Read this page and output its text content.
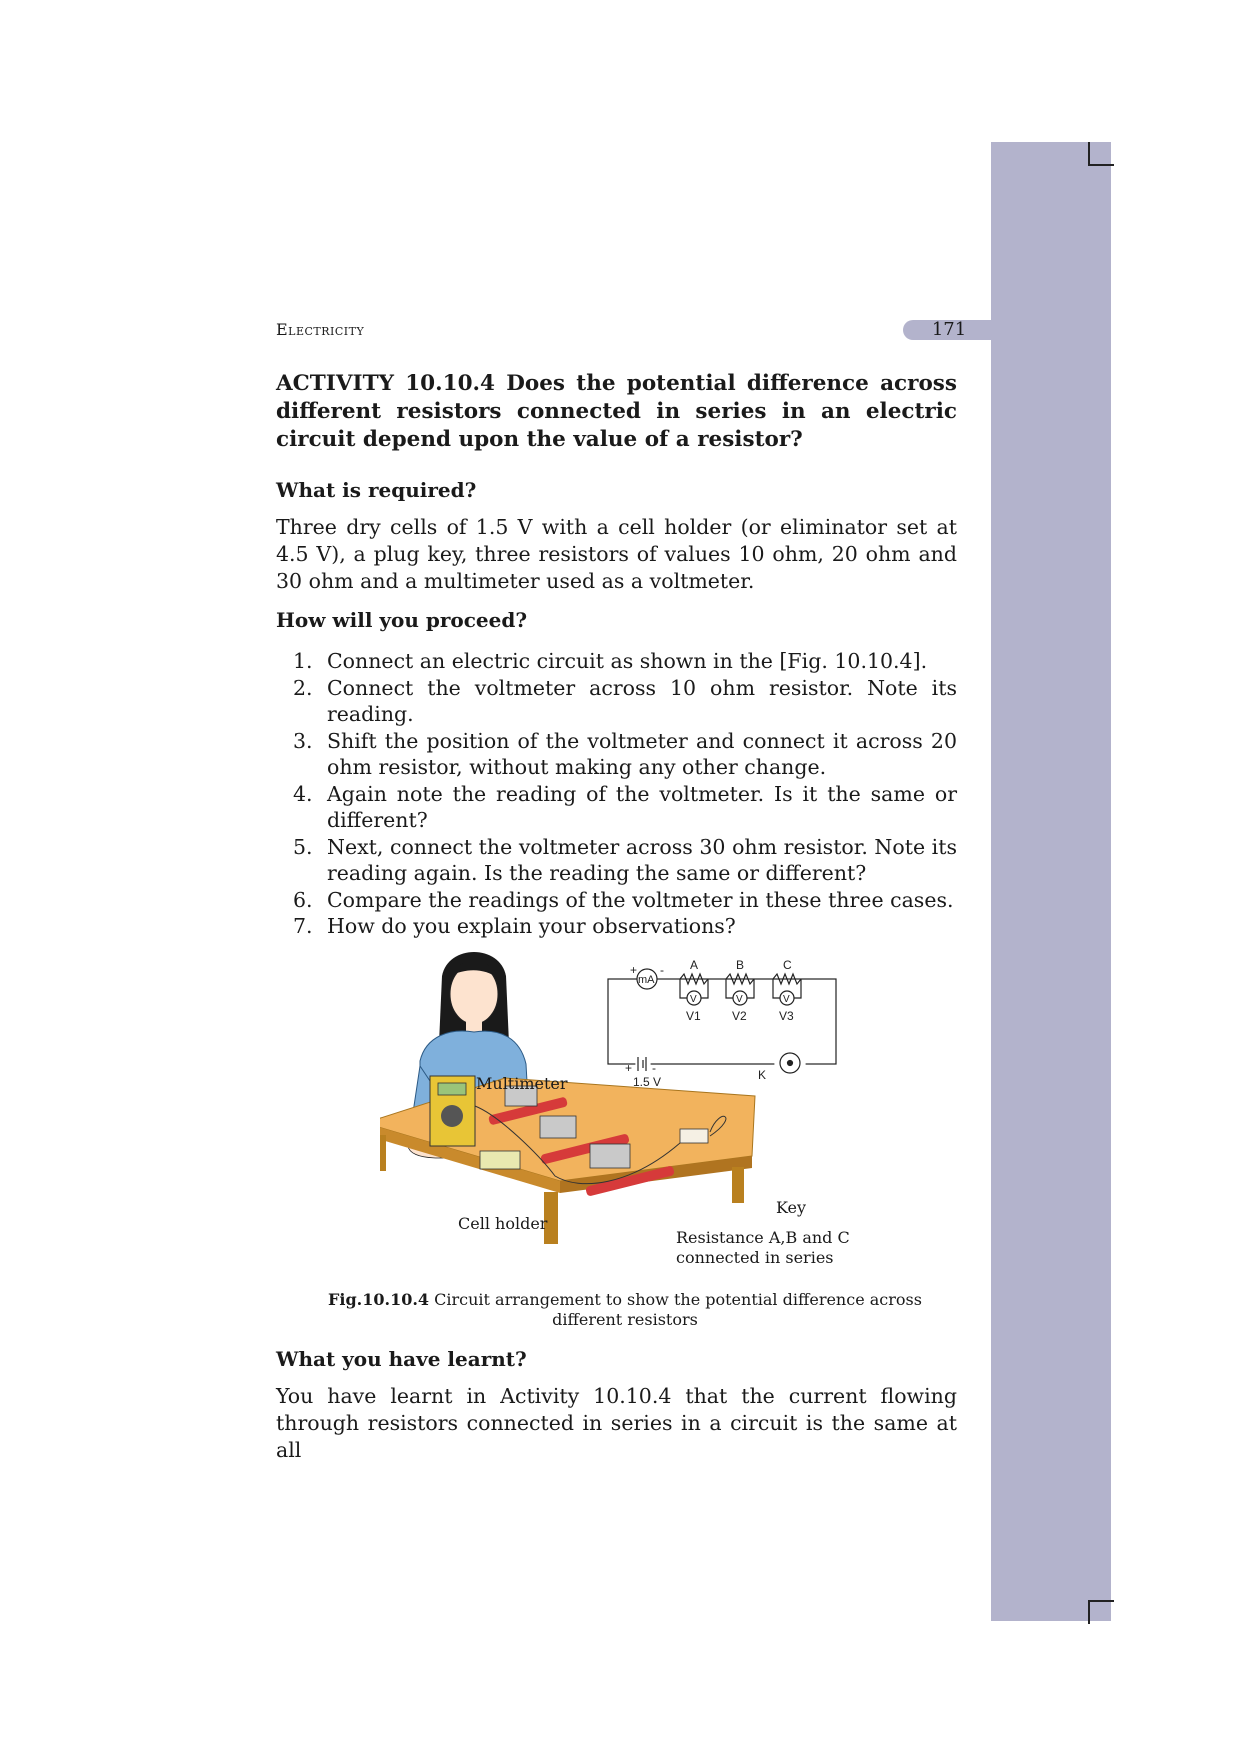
Electricity	171
ACTIVITY 10.10.4 Does the potential difference across different resistors connected in series in an electric circuit depend upon the value of a resistor?
What is required?
Three dry cells of 1.5 V with a cell holder (or eliminator set at 4.5 V), a plug key, three resistors of values 10 ohm, 20 ohm and 30 ohm and a multimeter used as a voltmeter.
How will you proceed?
1. Connect an electric circuit as shown in the [Fig. 10.10.4].
2. Connect the voltmeter across 10 ohm resistor. Note its reading.
3. Shift the position of the voltmeter and connect it across 20 ohm resistor, without making any other change.
4. Again note the reading of the voltmeter. Is it the same or different?
5. Next, connect the voltmeter across 30 ohm resistor. Note its reading again. Is the reading the same or different?
6. Compare the readings of the voltmeter in these three cases.
7. How do you explain your observations?
+ -
mA
A	B	C
V	V	V
V1	V2	V3
+ -
1.5 V	K
Multimeter
Cell holder
Key
Resistance A,B and C
connected in series
Fig.10.10.4 Circuit arrangement to show the potential difference across different resistors
What you have learnt?
You have learnt in Activity 10.10.4 that the current flowing through resistors connected in series in a circuit is the same at all
